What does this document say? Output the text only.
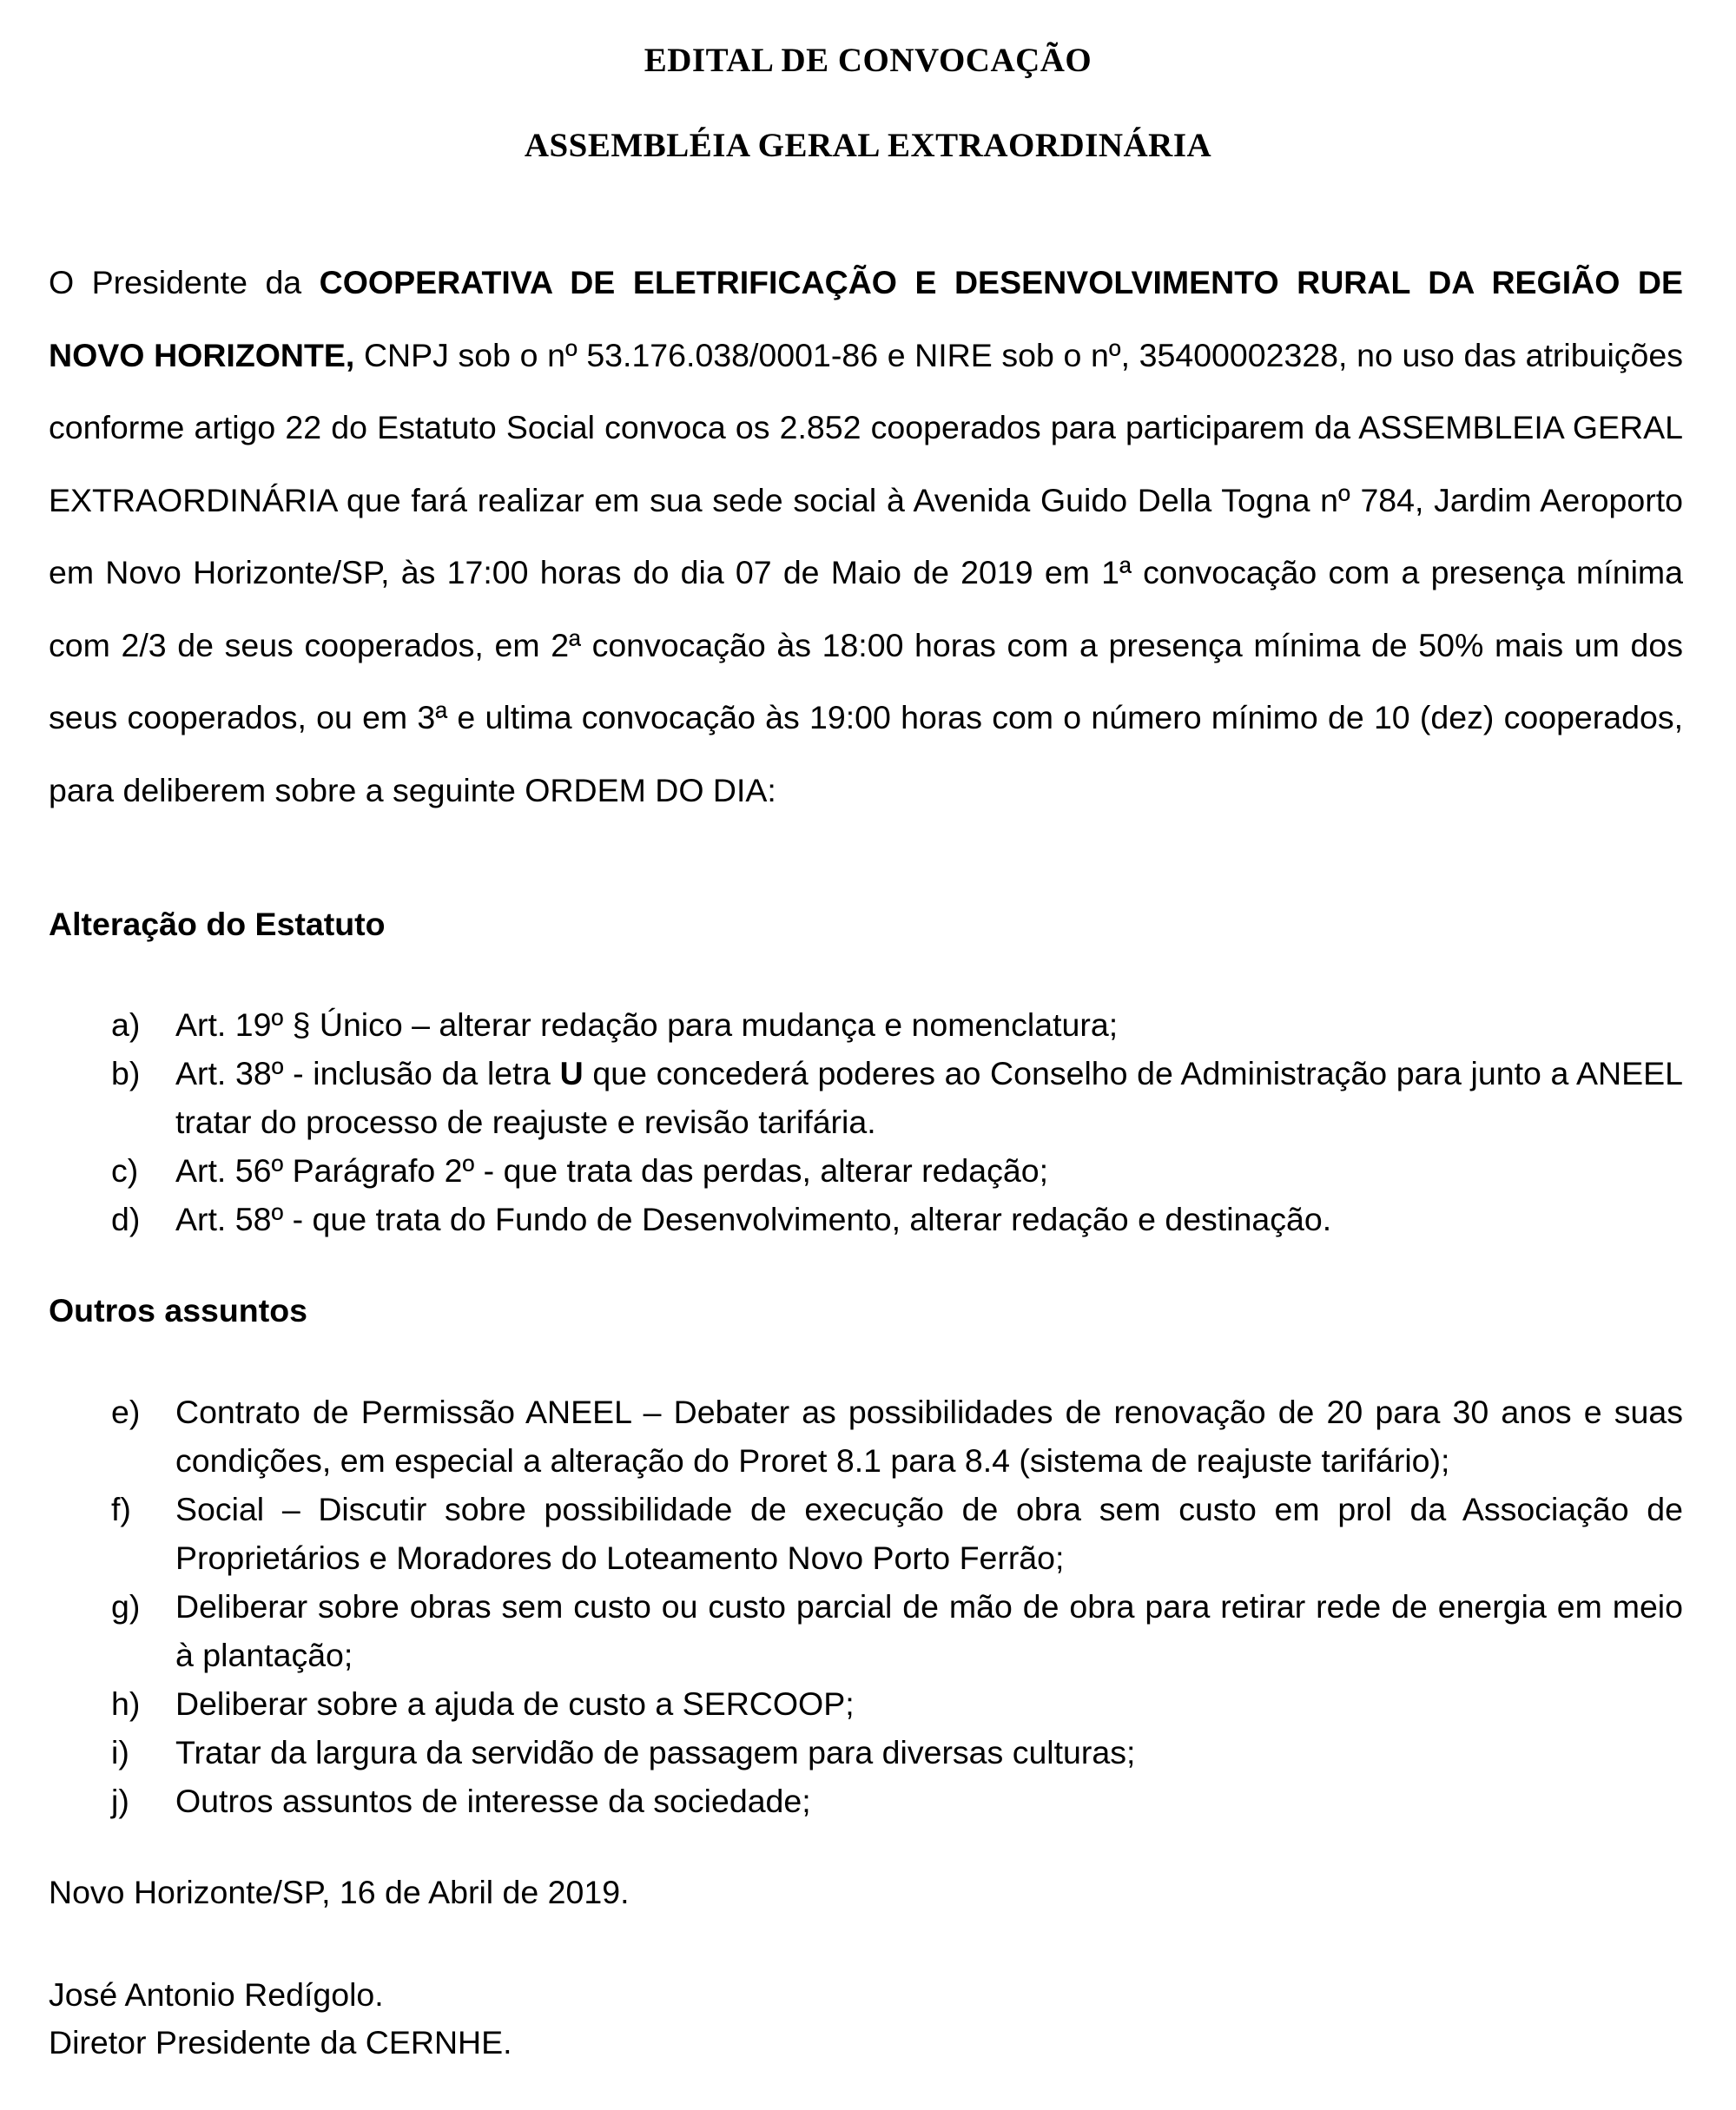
EDITAL DE CONVOCAÇÃO
ASSEMBLÉIA GERAL EXTRAORDINÁRIA
O Presidente da COOPERATIVA DE ELETRIFICAÇÃO E DESENVOLVIMENTO RURAL DA REGIÃO DE NOVO HORIZONTE, CNPJ sob o nº 53.176.038/0001-86 e NIRE sob o nº, 35400002328, no uso das atribuições conforme artigo 22 do Estatuto Social convoca os 2.852 cooperados para participarem da ASSEMBLEIA GERAL EXTRAORDINÁRIA que fará realizar em sua sede social à Avenida Guido Della Togna nº 784, Jardim Aeroporto em Novo Horizonte/SP, às 17:00 horas do dia 07 de Maio de 2019 em 1ª convocação com a presença mínima com 2/3 de seus cooperados, em 2ª convocação às 18:00 horas com a presença mínima de 50% mais um dos seus cooperados, ou em 3ª e ultima convocação às 19:00 horas com o número mínimo de 10 (dez) cooperados, para deliberem sobre a seguinte ORDEM DO DIA:
Alteração do Estatuto
a) Art. 19º § Único – alterar redação para mudança e nomenclatura;
b) Art. 38º - inclusão da letra U que concederá poderes ao Conselho de Administração para junto a ANEEL tratar do processo de reajuste e revisão tarifária.
c) Art. 56º Parágrafo 2º - que trata das perdas, alterar redação;
d) Art. 58º - que trata do Fundo de Desenvolvimento, alterar redação e destinação.
Outros assuntos
e) Contrato de Permissão ANEEL – Debater as possibilidades de renovação de 20 para 30 anos e suas condições, em especial a alteração do Proret 8.1 para 8.4 (sistema de reajuste tarifário);
f) Social – Discutir sobre possibilidade de execução de obra sem custo em prol da Associação de Proprietários e Moradores do Loteamento Novo Porto Ferrão;
g) Deliberar sobre obras sem custo ou custo parcial de mão de obra para retirar rede de energia em meio à plantação;
h) Deliberar sobre a ajuda de custo a SERCOOP;
i) Tratar da largura da servidão de passagem para diversas culturas;
j) Outros assuntos de interesse da sociedade;
Novo Horizonte/SP, 16 de Abril de 2019.
José Antonio Redígolo.
Diretor Presidente da CERNHE.
